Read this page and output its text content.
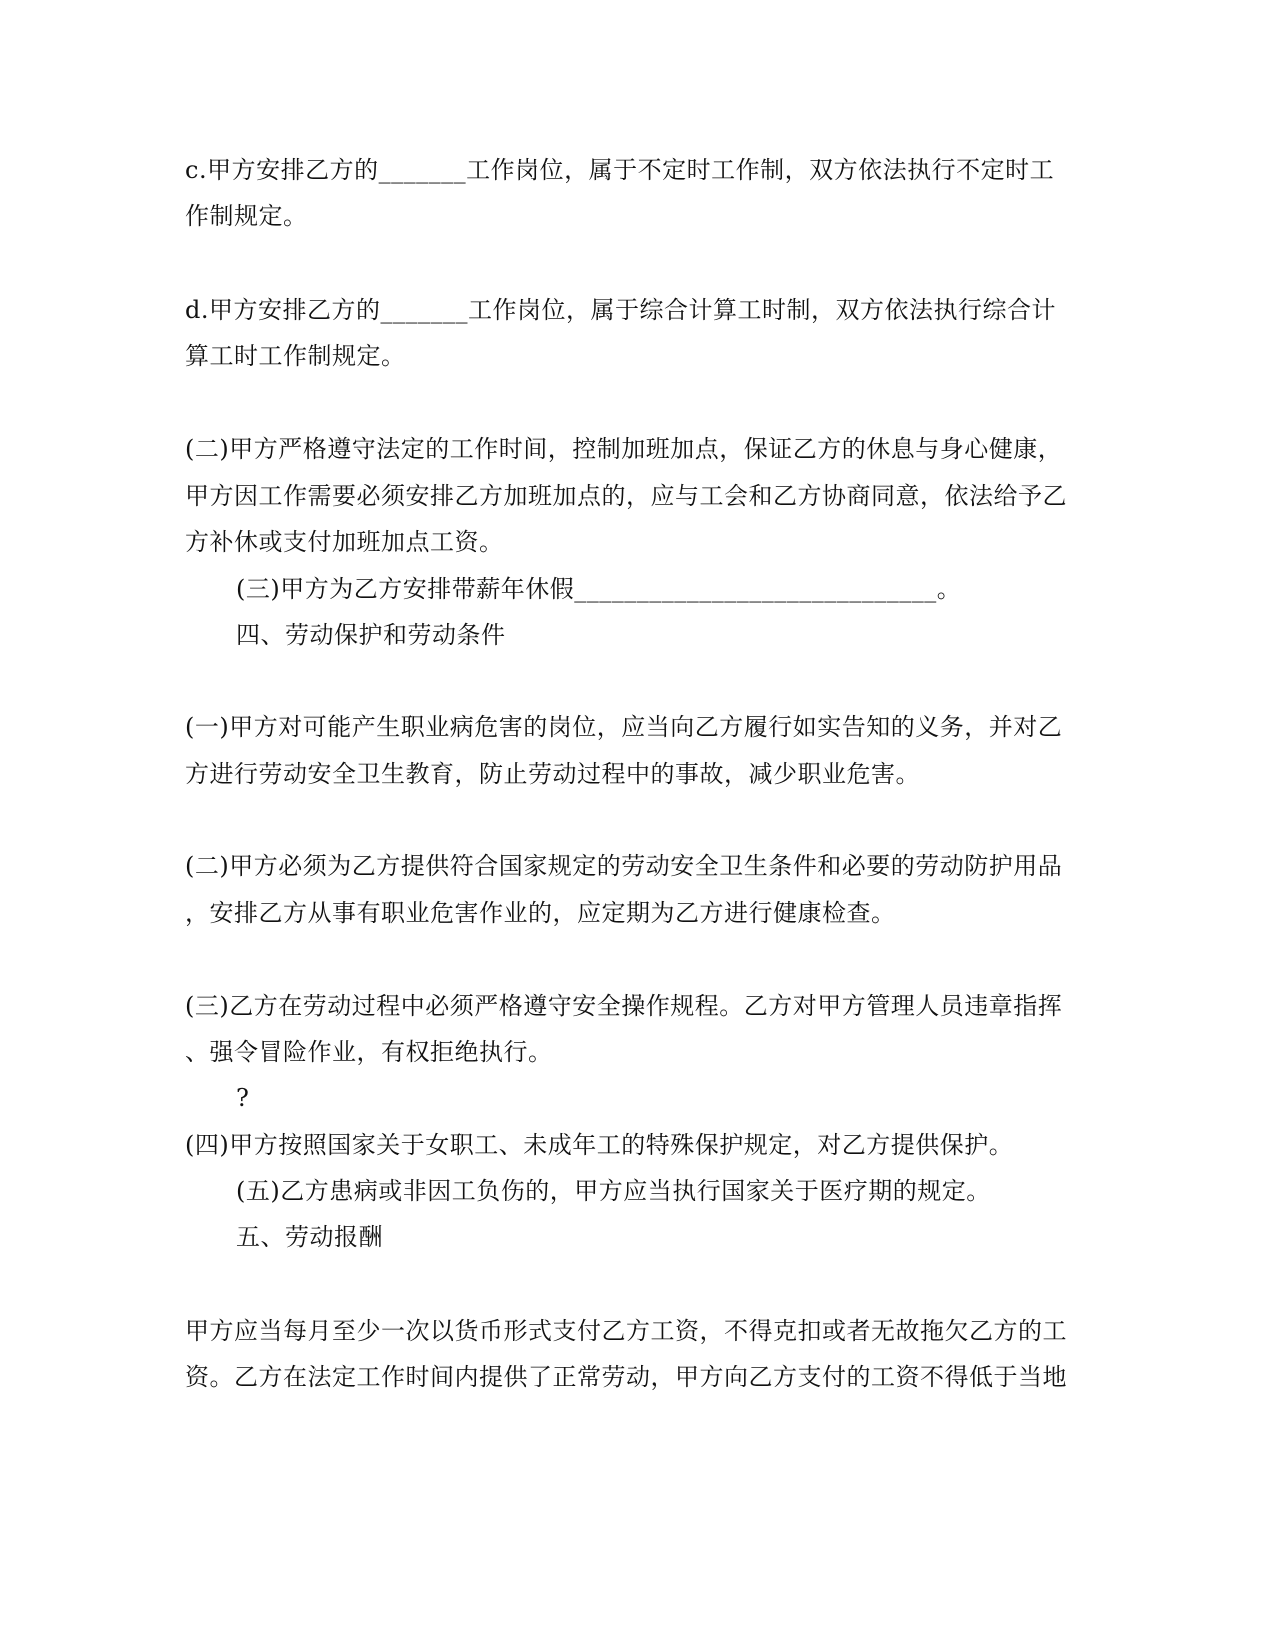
c.甲方安排乙方的_______工作岗位，属于不定时工作制，双方依法执行不定时工
作制规定。
d.甲方安排乙方的_______工作岗位，属于综合计算工时制，双方依法执行综合计
算工时工作制规定。
(二)甲方严格遵守法定的工作时间，控制加班加点，保证乙方的休息与身心健康，
甲方因工作需要必须安排乙方加班加点的，应与工会和乙方协商同意，依法给予乙
方补休或支付加班加点工资。
(三)甲方为乙方安排带薪年休假_____________________________。
四、劳动保护和劳动条件
(一)甲方对可能产生职业病危害的岗位，应当向乙方履行如实告知的义务，并对乙
方进行劳动安全卫生教育，防止劳动过程中的事故，减少职业危害。
(二)甲方必须为乙方提供符合国家规定的劳动安全卫生条件和必要的劳动防护用品
，安排乙方从事有职业危害作业的，应定期为乙方进行健康检查。
(三)乙方在劳动过程中必须严格遵守安全操作规程。乙方对甲方管理人员违章指挥
、强令冒险作业，有权拒绝执行。
?
(四)甲方按照国家关于女职工、未成年工的特殊保护规定，对乙方提供保护。
(五)乙方患病或非因工负伤的，甲方应当执行国家关于医疗期的规定。
五、劳动报酬
甲方应当每月至少一次以货币形式支付乙方工资，不得克扣或者无故拖欠乙方的工
资。乙方在法定工作时间内提供了正常劳动，甲方向乙方支付的工资不得低于当地
